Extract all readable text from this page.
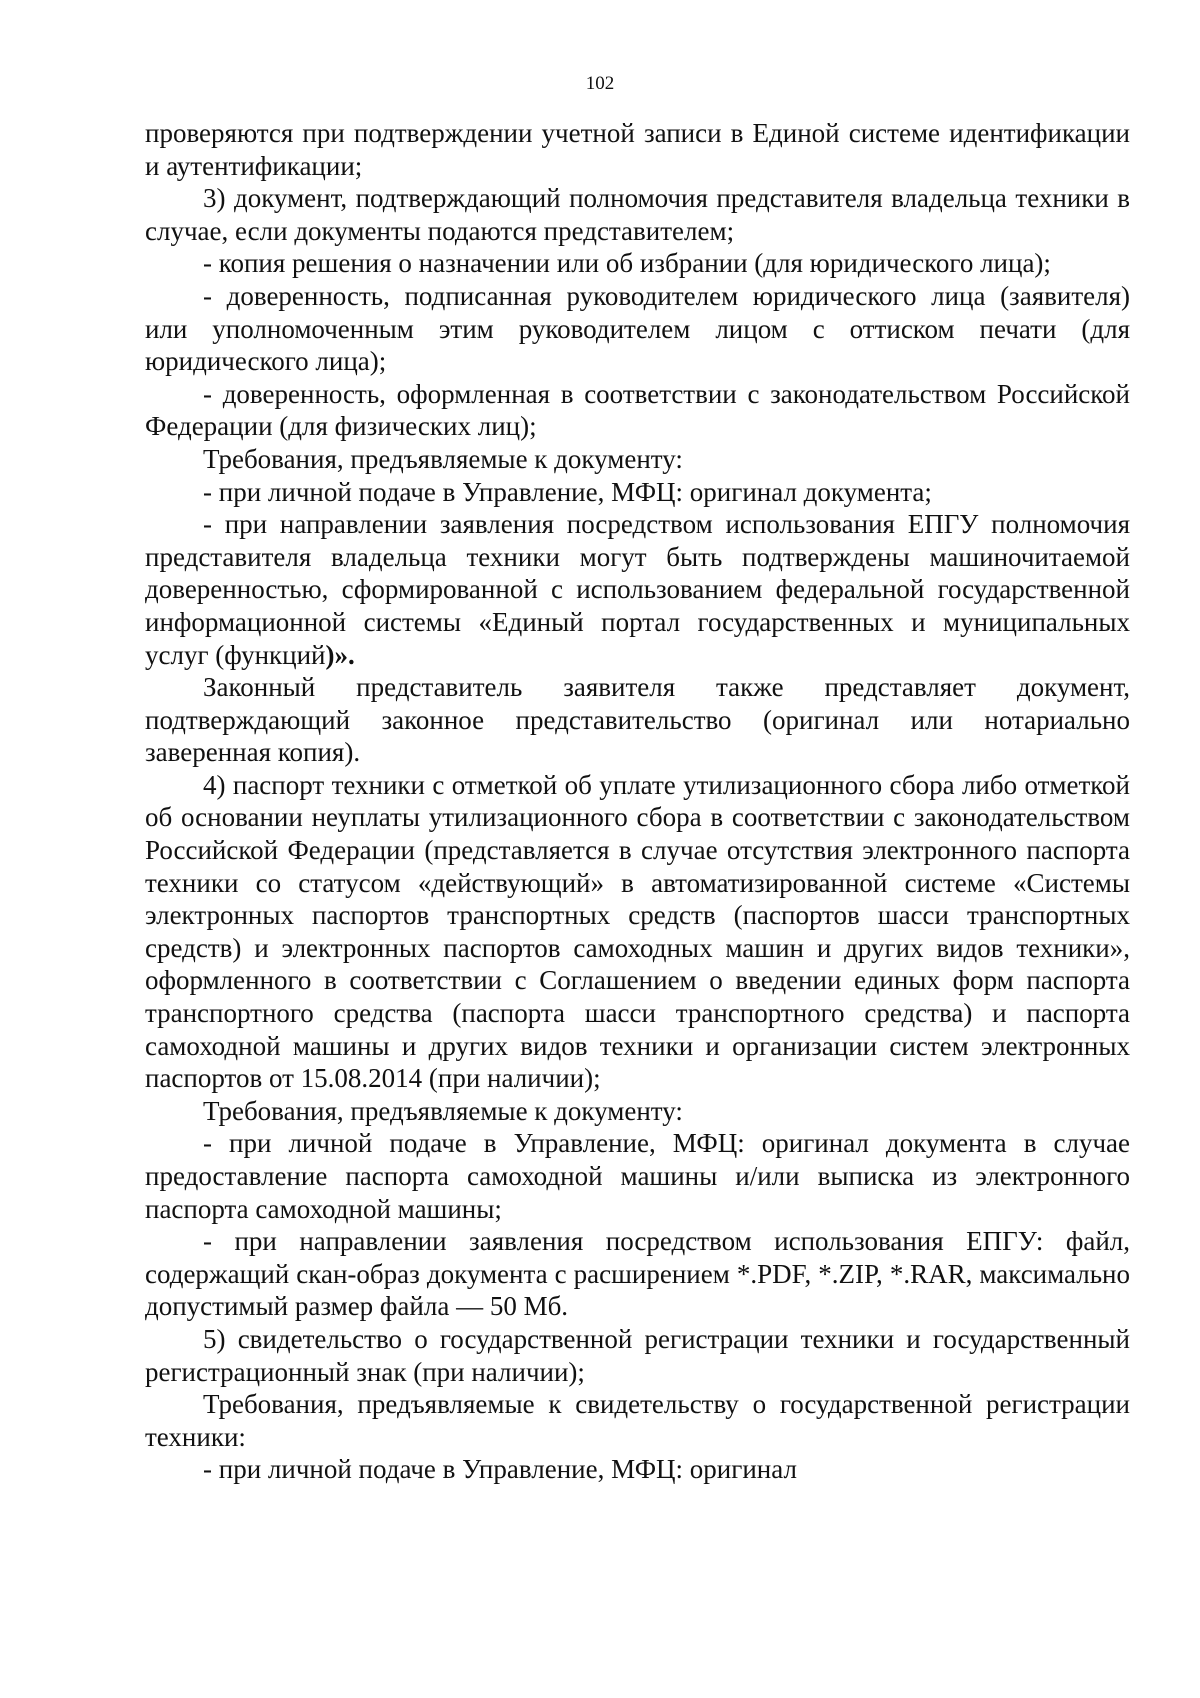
102

проверяются при подтверждении учетной записи в Единой системе идентификации и аутентификации;

3) документ, подтверждающий полномочия представителя владельца техники в случае, если документы подаются представителем;

- копия решения о назначении или об избрании (для юридического лица);

- доверенность, подписанная руководителем юридического лица (заявителя) или уполномоченным этим руководителем лицом с оттиском печати (для юридического лица);

- доверенность, оформленная в соответствии с законодательством Российской Федерации (для физических лиц);

Требования, предъявляемые к документу:

- при личной подаче в Управление, МФЦ: оригинал документа;

- при направлении заявления посредством использования ЕПГУ полномочия представителя владельца техники могут быть подтверждены машиночитаемой доверенностью, сформированной с использованием федеральной государственной информационной системы «Единый портал государственных и муниципальных услуг (функций)».

Законный представитель заявителя также представляет документ, подтверждающий законное представительство (оригинал или нотариально заверенная копия).

4) паспорт техники с отметкой об уплате утилизационного сбора либо отметкой об основании неуплаты утилизационного сбора в соответствии с законодательством Российской Федерации (представляется в случае отсутствия электронного паспорта техники со статусом «действующий» в автоматизированной системе «Системы электронных паспортов транспортных средств (паспортов шасси транспортных средств) и электронных паспортов самоходных машин и других видов техники», оформленного в соответствии с Соглашением о введении единых форм паспорта транспортного средства (паспорта шасси транспортного средства) и паспорта самоходной машины и других видов техники и организации систем электронных паспортов от 15.08.2014 (при наличии);

Требования, предъявляемые к документу:

- при личной подаче в Управление, МФЦ: оригинал документа в случае предоставление паспорта самоходной машины и/или выписка из электронного паспорта самоходной машины;

- при направлении заявления посредством использования ЕПГУ: файл, содержащий скан-образ документа с расширением *.PDF, *.ZIP, *.RAR, максимально допустимый размер файла — 50 Мб.

5) свидетельство о государственной регистрации техники и государственный регистрационный знак (при наличии);

Требования, предъявляемые к свидетельству о государственной регистрации техники:

- при личной подаче в Управление, МФЦ: оригинал
